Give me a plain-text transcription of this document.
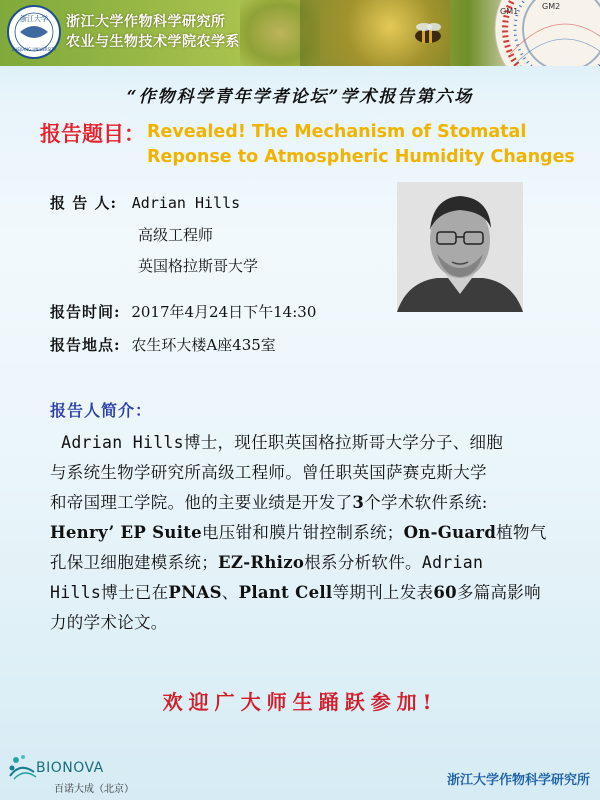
GM1
GM2
浙江大学
ZHEJIANG UNIVERSITY
浙江大学作物科学研究所
农业与生物技术学院农学系
“作物科学青年学者论坛”学术报告第六场
报告题目： Revealed! The Mechanism of Stomatal
Reponse to Atmospheric Humidity Changes
报 告 人: Adrian Hills
高级工程师
英国格拉斯哥大学
报告时间: 2017年4月24日下午14:30
报告地点: 农生环大楼A座435室
报告人简介：
Adrian Hills博士，现任职英国格拉斯哥大学分子、细胞
与系统生物学研究所高级工程师。曾任职英国萨赛克斯大学
和帝国理工学院。他的主要业绩是开发了3个学术软件系统:
Henry’ EP Suite电压钳和膜片钳控制系统；On-Guard植物气
孔保卫细胞建模系统；EZ-Rhizo根系分析软件。Adrian
Hills博士已在PNAS、Plant Cell等期刊上发表60多篇高影响
力的学术论文。
欢迎广大师生踊跃参加!
BIONOVA
百诺大成（北京）
浙江大学作物科学研究所
